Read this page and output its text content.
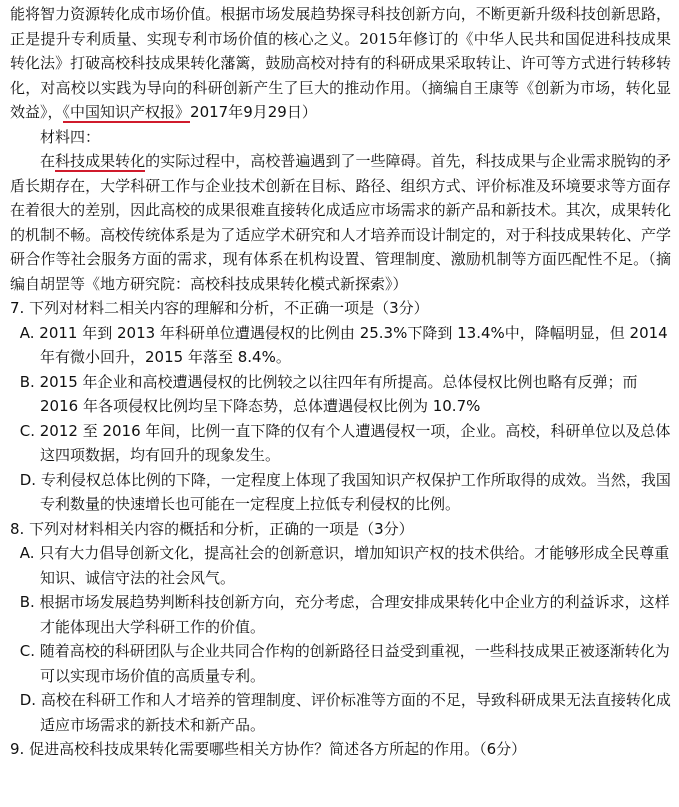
能将智力资源转化成市场价值。根据市场发展趋势探寻科技创新方向，不断更新升级科技创新思路，正是提升专利质量、实现专利市场价值的核心之义。2015年修订的《中华人民共和国促进科技成果转化法》打破高校科技成果转化藩篱，鼓励高校对持有的科研成果采取转让、许可等方式进行转移转化，对高校以实践为导向的科研创新产生了巨大的推动作用。（摘编自王康等《创新为市场，转化显效益》，《中国知识产权报》2017年9月29日）

材料四：

在科技成果转化的实际过程中，高校普遍遇到了一些障碍。首先，科技成果与企业需求脱钩的矛盾长期存在，大学科研工作与企业技术创新在目标、路径、组织方式、评价标准及环境要求等方面存在着很大的差别，因此高校的成果很难直接转化成适应市场需求的新产品和新技术。其次，成果转化的机制不畅。高校传统体系是为了适应学术研究和人才培养而设计制定的，对于科技成果转化、产学研合作等社会服务方面的需求，现有体系在机构设置、管理制度、激励机制等方面匹配性不足。（摘编自胡罡等《地方研究院：高校科技成果转化模式新探索》）

7. 下列对材料二相关内容的理解和分析，不正确一项是（3分）

A. 2011 年到 2013 年科研单位遭遇侵权的比例由 25.3%下降到 13.4%中，降幅明显，但 2014 年有微小回升，2015 年落至 8.4%。

B. 2015 年企业和高校遭遇侵权的比例较之以往四年有所提高。总体侵权比例也略有反弹；而 2016 年各项侵权比例均呈下降态势，总体遭遇侵权比例为 10.7%

C. 2012 至 2016 年间，比例一直下降的仅有个人遭遇侵权一项，企业。高校，科研单位以及总体这四项数据，均有回升的现象发生。

D. 专利侵权总体比例的下降，一定程度上体现了我国知识产权保护工作所取得的成效。当然，我国专利数量的快速增长也可能在一定程度上拉低专利侵权的比例。

8. 下列对材料相关内容的概括和分析，正确的一项是（3分）

A. 只有大力倡导创新文化，提高社会的创新意识，增加知识产权的技术供给。才能够形成全民尊重知识、诚信守法的社会风气。

B. 根据市场发展趋势判断科技创新方向，充分考虑，合理安排成果转化中企业方的利益诉求，这样才能体现出大学科研工作的价值。

C. 随着高校的科研团队与企业共同合作构的创新路径日益受到重视，一些科技成果正被逐渐转化为可以实现市场价值的高质量专利。

D. 高校在科研工作和人才培养的管理制度、评价标准等方面的不足，导致科研成果无法直接转化成适应市场需求的新技术和新产品。

9. 促进高校科技成果转化需要哪些相关方协作？简述各方所起的作用。（6分）
